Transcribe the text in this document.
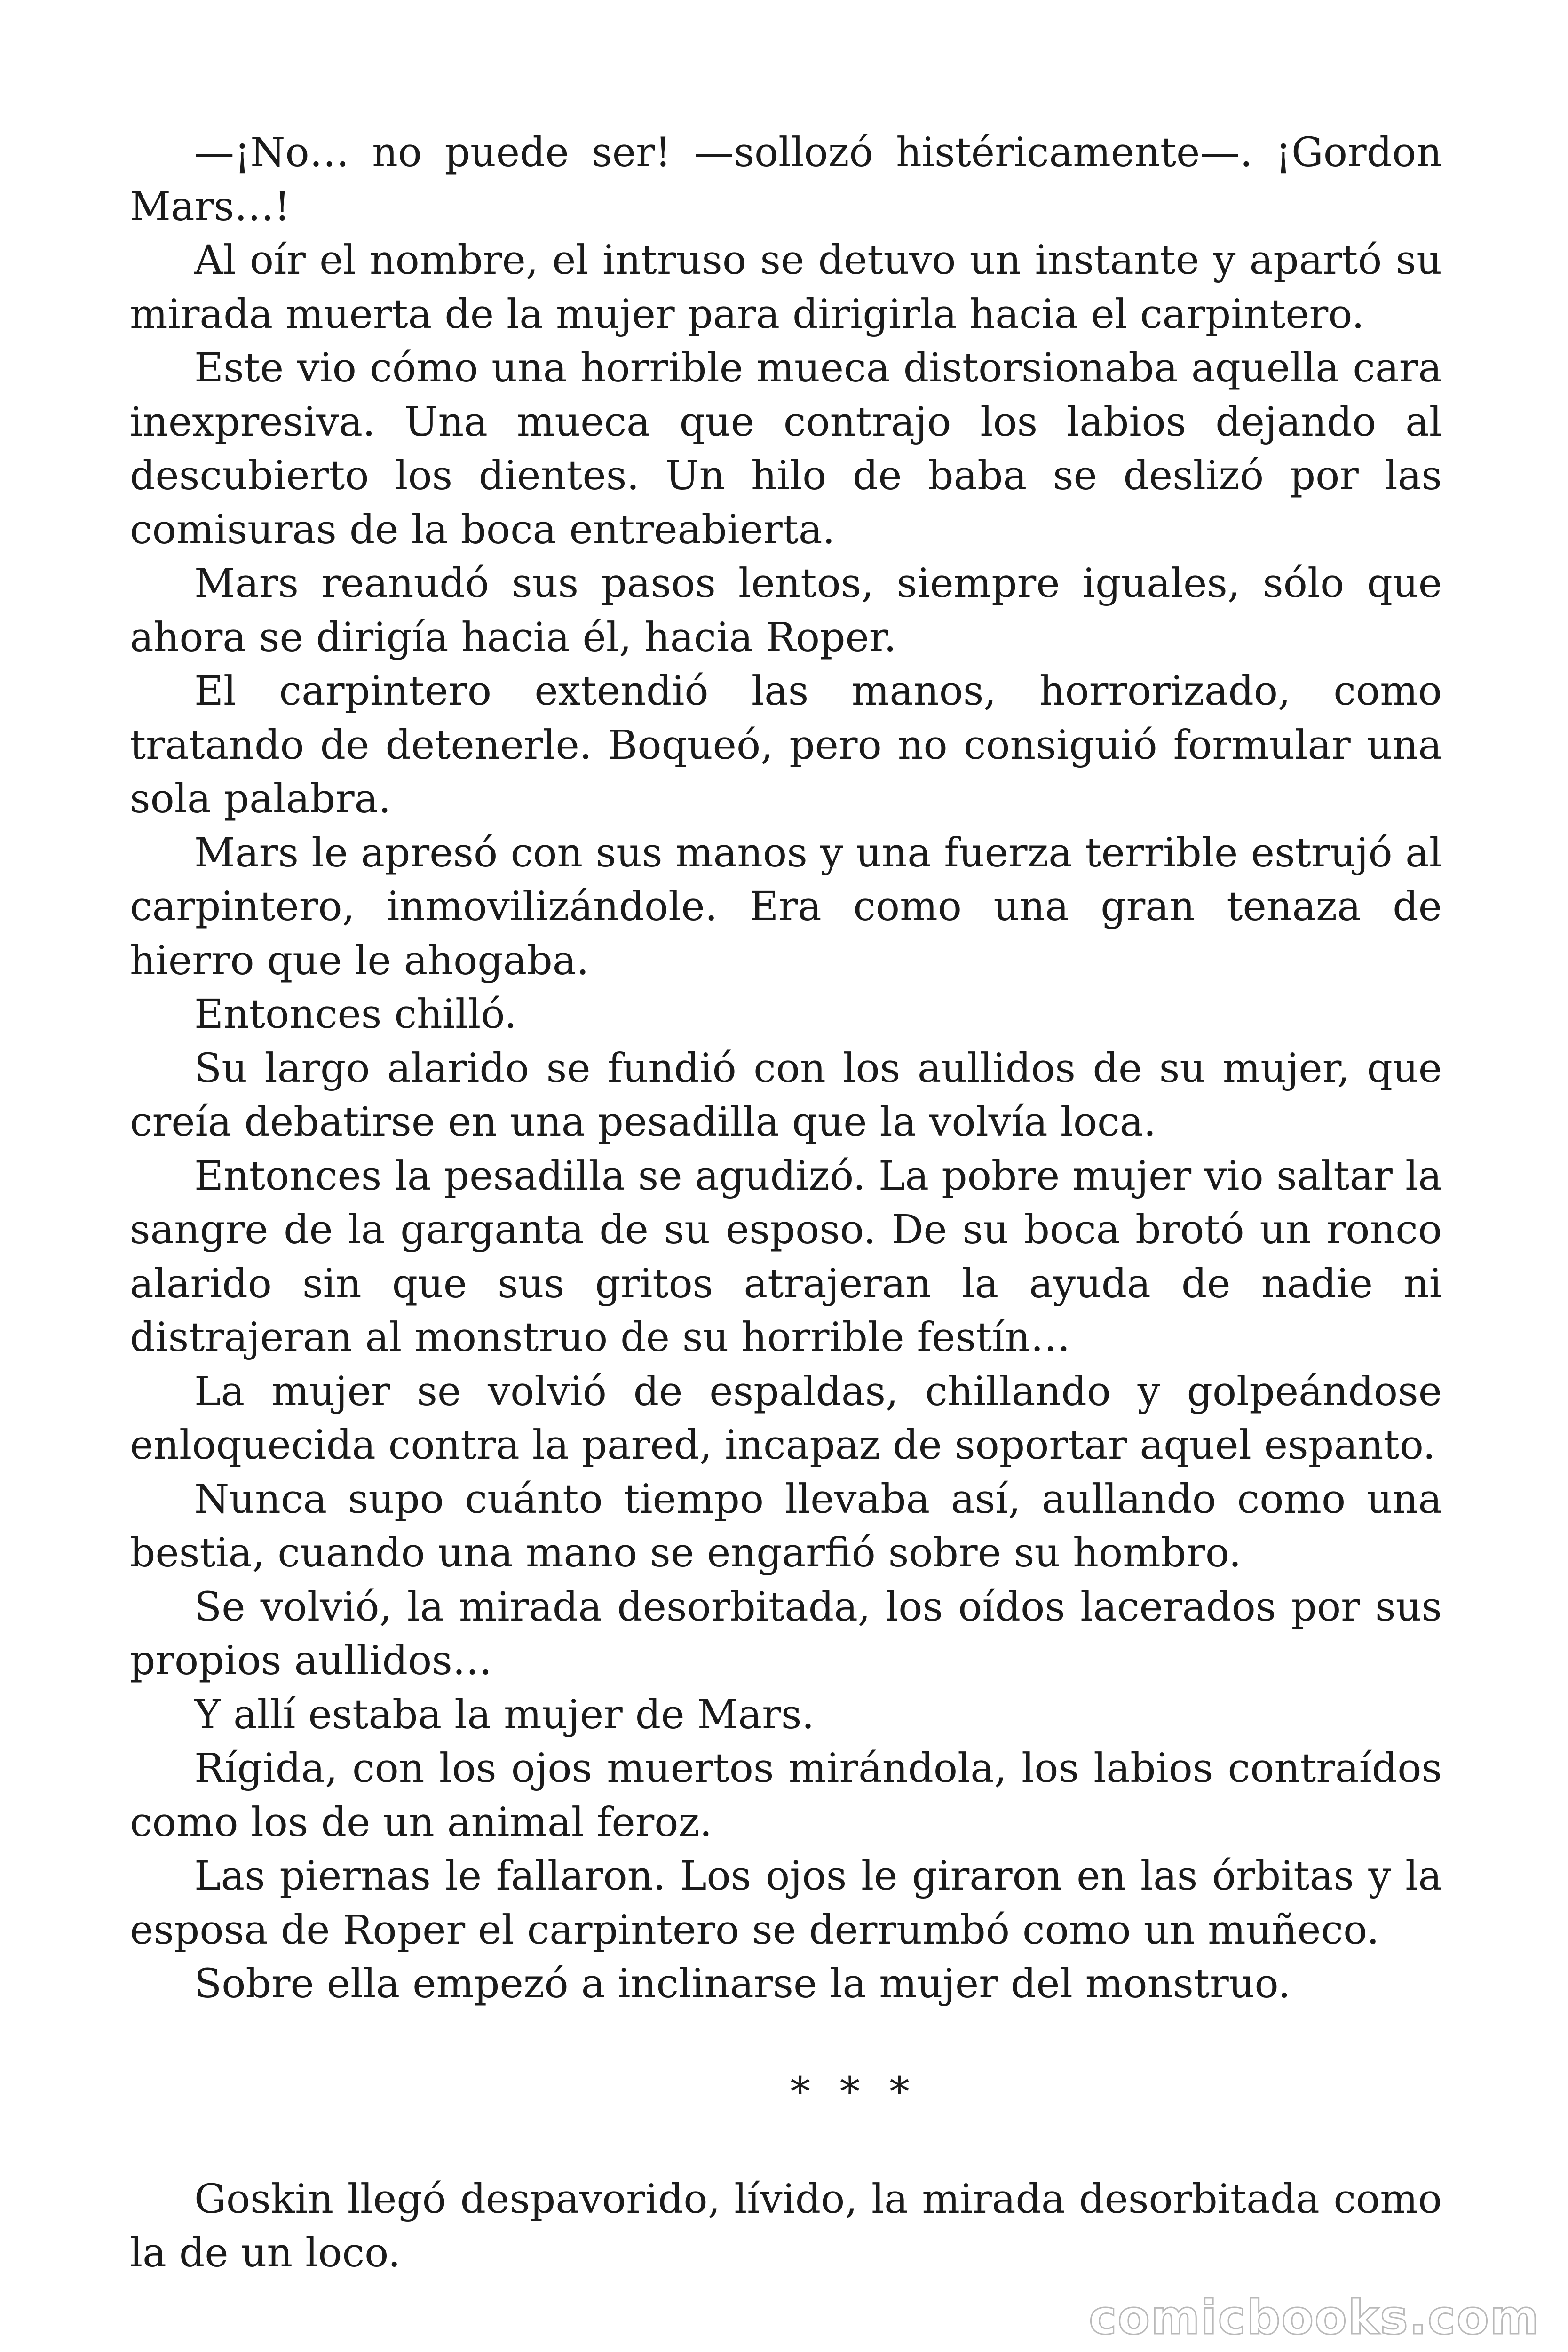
—¡No… no puede ser! —sollozó histéricamente—. ¡Gordon Mars…!

Al oír el nombre, el intruso se detuvo un instante y apartó su mirada muerta de la mujer para dirigirla hacia el carpintero.

Este vio cómo una horrible mueca distorsionaba aquella cara inexpresiva. Una mueca que contrajo los labios dejando al descubierto los dientes. Un hilo de baba se deslizó por las comisuras de la boca entreabierta.

Mars reanudó sus pasos lentos, siempre iguales, sólo que ahora se dirigía hacia él, hacia Roper.

El carpintero extendió las manos, horrorizado, como tratando de detenerle. Boqueó, pero no consiguió formular una sola palabra.

Mars le apresó con sus manos y una fuerza terrible estrujó al carpintero, inmovilizándole. Era como una gran tenaza de hierro que le ahogaba.

Entonces chilló.

Su largo alarido se fundió con los aullidos de su mujer, que creía debatirse en una pesadilla que la volvía loca.

Entonces la pesadilla se agudizó. La pobre mujer vio saltar la sangre de la garganta de su esposo. De su boca brotó un ronco alarido sin que sus gritos atrajeran la ayuda de nadie ni distrajeran al monstruo de su horrible festín…

La mujer se volvió de espaldas, chillando y golpeándose enloquecida contra la pared, incapaz de soportar aquel espanto.

Nunca supo cuánto tiempo llevaba así, aullando como una bestia, cuando una mano se engarfió sobre su hombro.

Se volvió, la mirada desorbitada, los oídos lacerados por sus propios aullidos…

Y allí estaba la mujer de Mars.

Rígida, con los ojos muertos mirándola, los labios contraídos como los de un animal feroz.

Las piernas le fallaron. Los ojos le giraron en las órbitas y la esposa de Roper el carpintero se derrumbó como un muñeco.

Sobre ella empezó a inclinarse la mujer del monstruo.

* * *

Goskin llegó despavorido, lívido, la mirada desorbitada como la de un loco.

comicbooks.com
